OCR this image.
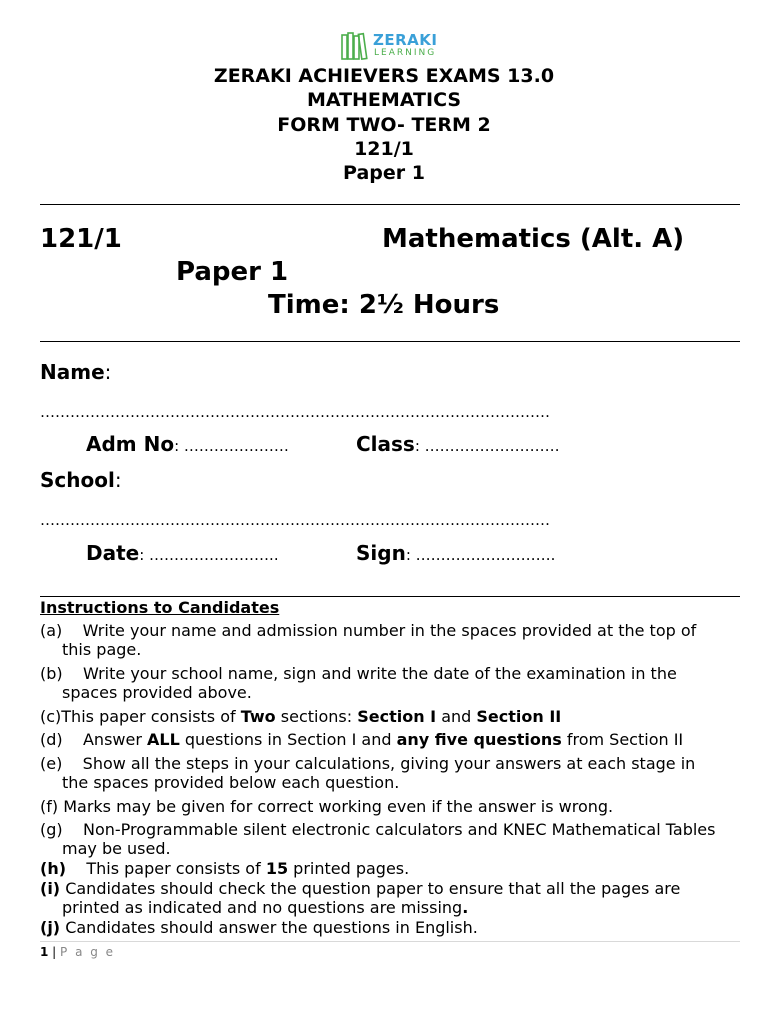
ZERAKI
LEARNING
ZERAKI ACHIEVERS EXAMS 13.0
MATHEMATICS
FORM TWO- TERM 2
121/1
Paper 1
121/1	Mathematics (Alt. A)
Paper 1
Time: 2½ Hours
Name:
…………………………………………………………………………………………
Adm No: …………………	Class: ………………………
School:
…………………………………………………………………………………………
Date: ……………………..	Sign: ……………………….
Instructions to Candidates
(a) Write your name and admission number in the spaces provided at the top of
this page.
(b) Write your school name, sign and write the date of the examination in the
spaces provided above.
(c)This paper consists of Two sections: Section I and Section II
(d) Answer ALL questions in Section I and any five questions from Section II
(e) Show all the steps in your calculations, giving your answers at each stage in
the spaces provided below each question.
(f) Marks may be given for correct working even if the answer is wrong.
(g) Non-Programmable silent electronic calculators and KNEC Mathematical Tables
may be used.
(h) This paper consists of 15 printed pages.
(i) Candidates should check the question paper to ensure that all the pages are
printed as indicated and no questions are missing.
(j) Candidates should answer the questions in English.
1 | P a g e
